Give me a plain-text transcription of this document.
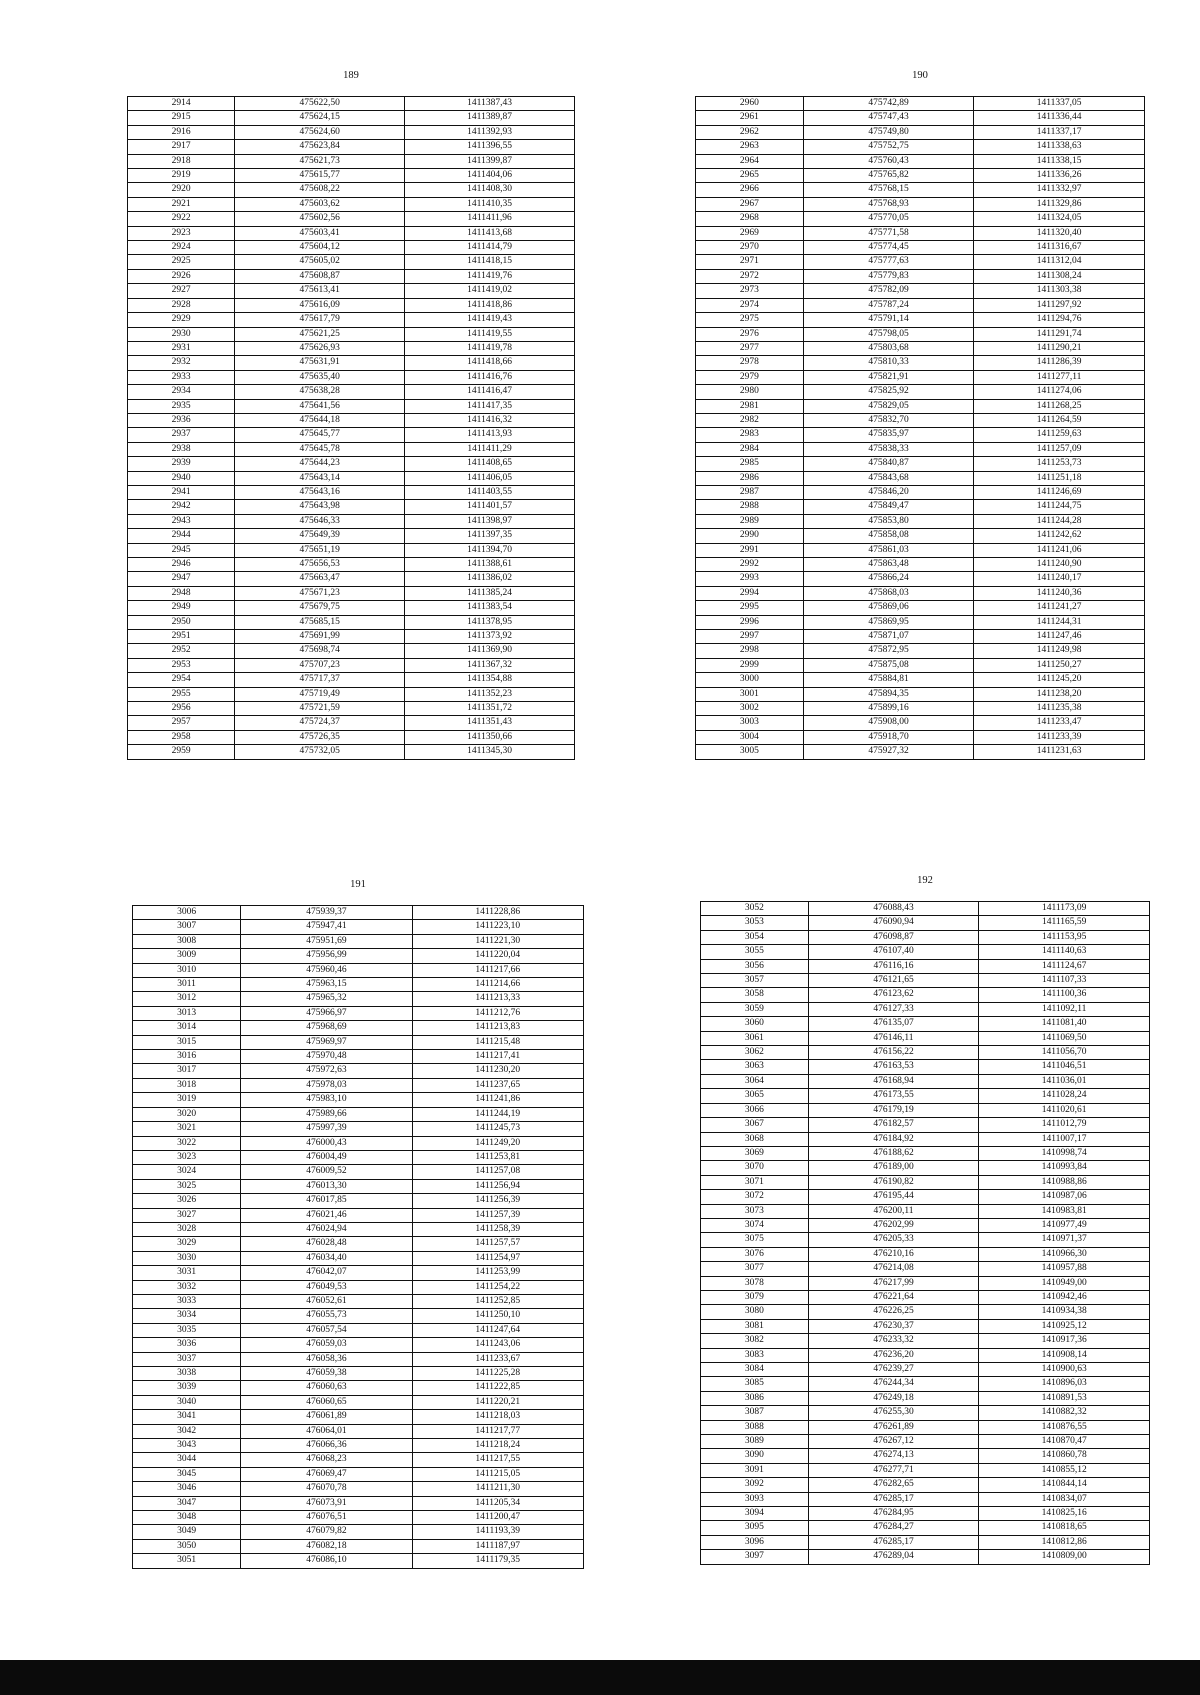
189
2914	475622,50	1411387,43
2915	475624,15	1411389,87
2916	475624,60	1411392,93
2917	475623,84	1411396,55
2918	475621,73	1411399,87
2919	475615,77	1411404,06
2920	475608,22	1411408,30
2921	475603,62	1411410,35
2922	475602,56	1411411,96
2923	475603,41	1411413,68
2924	475604,12	1411414,79
2925	475605,02	1411418,15
2926	475608,87	1411419,76
2927	475613,41	1411419,02
2928	475616,09	1411418,86
2929	475617,79	1411419,43
2930	475621,25	1411419,55
2931	475626,93	1411419,78
2932	475631,91	1411418,66
2933	475635,40	1411416,76
2934	475638,28	1411416,47
2935	475641,56	1411417,35
2936	475644,18	1411416,32
2937	475645,77	1411413,93
2938	475645,78	1411411,29
2939	475644,23	1411408,65
2940	475643,14	1411406,05
2941	475643,16	1411403,55
2942	475643,98	1411401,57
2943	475646,33	1411398,97
2944	475649,39	1411397,35
2945	475651,19	1411394,70
2946	475656,53	1411388,61
2947	475663,47	1411386,02
2948	475671,23	1411385,24
2949	475679,75	1411383,54
2950	475685,15	1411378,95
2951	475691,99	1411373,92
2952	475698,74	1411369,90
2953	475707,23	1411367,32
2954	475717,37	1411354,88
2955	475719,49	1411352,23
2956	475721,59	1411351,72
2957	475724,37	1411351,43
2958	475726,35	1411350,66
2959	475732,05	1411345,30
190
2960	475742,89	1411337,05
2961	475747,43	1411336,44
2962	475749,80	1411337,17
2963	475752,75	1411338,63
2964	475760,43	1411338,15
2965	475765,82	1411336,26
2966	475768,15	1411332,97
2967	475768,93	1411329,86
2968	475770,05	1411324,05
2969	475771,58	1411320,40
2970	475774,45	1411316,67
2971	475777,63	1411312,04
2972	475779,83	1411308,24
2973	475782,09	1411303,38
2974	475787,24	1411297,92
2975	475791,14	1411294,76
2976	475798,05	1411291,74
2977	475803,68	1411290,21
2978	475810,33	1411286,39
2979	475821,91	1411277,11
2980	475825,92	1411274,06
2981	475829,05	1411268,25
2982	475832,70	1411264,59
2983	475835,97	1411259,63
2984	475838,33	1411257,09
2985	475840,87	1411253,73
2986	475843,68	1411251,18
2987	475846,20	1411246,69
2988	475849,47	1411244,75
2989	475853,80	1411244,28
2990	475858,08	1411242,62
2991	475861,03	1411241,06
2992	475863,48	1411240,90
2993	475866,24	1411240,17
2994	475868,03	1411240,36
2995	475869,06	1411241,27
2996	475869,95	1411244,31
2997	475871,07	1411247,46
2998	475872,95	1411249,98
2999	475875,08	1411250,27
3000	475884,81	1411245,20
3001	475894,35	1411238,20
3002	475899,16	1411235,38
3003	475908,00	1411233,47
3004	475918,70	1411233,39
3005	475927,32	1411231,63
191
3006	475939,37	1411228,86
3007	475947,41	1411223,10
3008	475951,69	1411221,30
3009	475956,99	1411220,04
3010	475960,46	1411217,66
3011	475963,15	1411214,66
3012	475965,32	1411213,33
3013	475966,97	1411212,76
3014	475968,69	1411213,83
3015	475969,97	1411215,48
3016	475970,48	1411217,41
3017	475972,63	1411230,20
3018	475978,03	1411237,65
3019	475983,10	1411241,86
3020	475989,66	1411244,19
3021	475997,39	1411245,73
3022	476000,43	1411249,20
3023	476004,49	1411253,81
3024	476009,52	1411257,08
3025	476013,30	1411256,94
3026	476017,85	1411256,39
3027	476021,46	1411257,39
3028	476024,94	1411258,39
3029	476028,48	1411257,57
3030	476034,40	1411254,97
3031	476042,07	1411253,99
3032	476049,53	1411254,22
3033	476052,61	1411252,85
3034	476055,73	1411250,10
3035	476057,54	1411247,64
3036	476059,03	1411243,06
3037	476058,36	1411233,67
3038	476059,38	1411225,28
3039	476060,63	1411222,85
3040	476060,65	1411220,21
3041	476061,89	1411218,03
3042	476064,01	1411217,77
3043	476066,36	1411218,24
3044	476068,23	1411217,55
3045	476069,47	1411215,05
3046	476070,78	1411211,30
3047	476073,91	1411205,34
3048	476076,51	1411200,47
3049	476079,82	1411193,39
3050	476082,18	1411187,97
3051	476086,10	1411179,35
192
3052	476088,43	1411173,09
3053	476090,94	1411165,59
3054	476098,87	1411153,95
3055	476107,40	1411140,63
3056	476116,16	1411124,67
3057	476121,65	1411107,33
3058	476123,62	1411100,36
3059	476127,33	1411092,11
3060	476135,07	1411081,40
3061	476146,11	1411069,50
3062	476156,22	1411056,70
3063	476163,53	1411046,51
3064	476168,94	1411036,01
3065	476173,55	1411028,24
3066	476179,19	1411020,61
3067	476182,57	1411012,79
3068	476184,92	1411007,17
3069	476188,62	1410998,74
3070	476189,00	1410993,84
3071	476190,82	1410988,86
3072	476195,44	1410987,06
3073	476200,11	1410983,81
3074	476202,99	1410977,49
3075	476205,33	1410971,37
3076	476210,16	1410966,30
3077	476214,08	1410957,88
3078	476217,99	1410949,00
3079	476221,64	1410942,46
3080	476226,25	1410934,38
3081	476230,37	1410925,12
3082	476233,32	1410917,36
3083	476236,20	1410908,14
3084	476239,27	1410900,63
3085	476244,34	1410896,03
3086	476249,18	1410891,53
3087	476255,30	1410882,32
3088	476261,89	1410876,55
3089	476267,12	1410870,47
3090	476274,13	1410860,78
3091	476277,71	1410855,12
3092	476282,65	1410844,14
3093	476285,17	1410834,07
3094	476284,95	1410825,16
3095	476284,27	1410818,65
3096	476285,17	1410812,86
3097	476289,04	1410809,00
